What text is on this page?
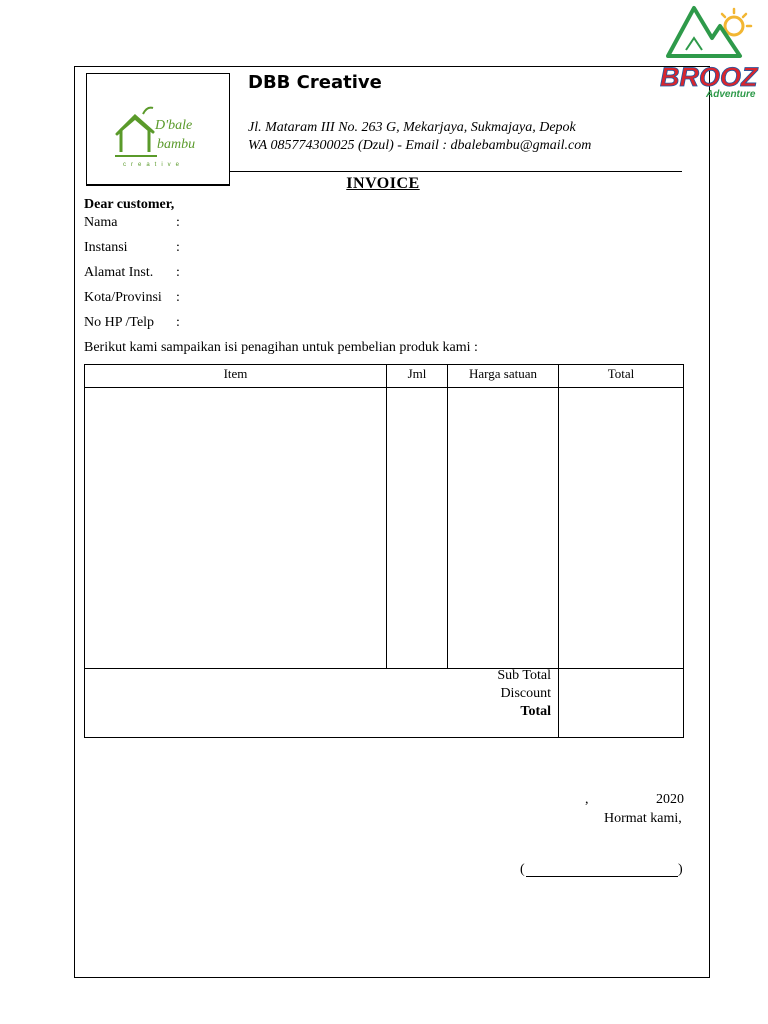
D'bale
bambu
creative
DBB Creative
Jl. Mataram III No. 263 G, Mekarjaya, Sukmajaya, Depok
WA 085774300025 (Dzul) - Email : dbalebambu@gmail.com
INVOICE
Dear customer,
Nama	:
Instansi	:
Alamat Inst. :
Kota/Provinsi :
No HP /Telp :
Berikut kami sampaikan isi penagihan untuk pembelian produk kami :
Item	Jml	Harga satuan	Total
Sub Total
Discount
Total
,	2020
Hormat kami,
(	)
BROOZ
Adventure
